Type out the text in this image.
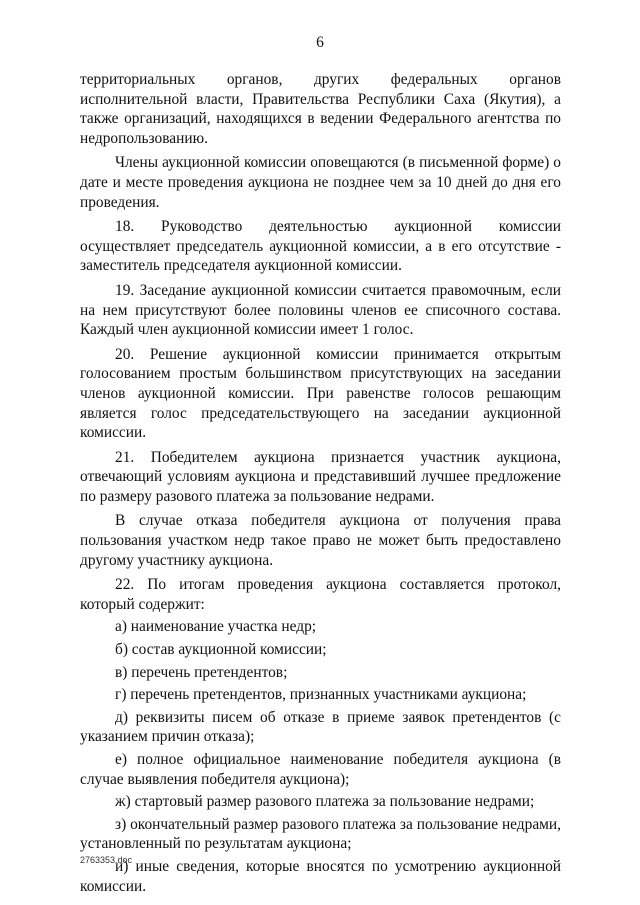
6

территориальных органов, других федеральных органов исполнительной власти, Правительства Республики Саха (Якутия), а также организаций, находящихся в ведении Федерального агентства по недропользованию.

Члены аукционной комиссии оповещаются (в письменной форме) о дате и месте проведения аукциона не позднее чем за 10 дней до дня его проведения.

18. Руководство деятельностью аукционной комиссии осуществляет председатель аукционной комиссии, а в его отсутствие - заместитель председателя аукционной комиссии.

19. Заседание аукционной комиссии считается правомочным, если на нем присутствуют более половины членов ее списочного состава. Каждый член аукционной комиссии имеет 1 голос.

20. Решение аукционной комиссии принимается открытым голосованием простым большинством присутствующих на заседании членов аукционной комиссии. При равенстве голосов решающим является голос председательствующего на заседании аукционной комиссии.

21. Победителем аукциона признается участник аукциона, отвечающий условиям аукциона и представивший лучшее предложение по размеру разового платежа за пользование недрами.

В случае отказа победителя аукциона от получения права пользования участком недр такое право не может быть предоставлено другому участнику аукциона.

22. По итогам проведения аукциона составляется протокол, который содержит:

а) наименование участка недр;

б) состав аукционной комиссии;

в) перечень претендентов;

г) перечень претендентов, признанных участниками аукциона;

д) реквизиты писем об отказе в приеме заявок претендентов (с указанием причин отказа);

е) полное официальное наименование победителя аукциона (в случае выявления победителя аукциона);

ж) стартовый размер разового платежа за пользование недрами;

з) окончательный размер разового платежа за пользование недрами, установленный по результатам аукциона;

и) иные сведения, которые вносятся по усмотрению аукционной комиссии.

2763353.doc
